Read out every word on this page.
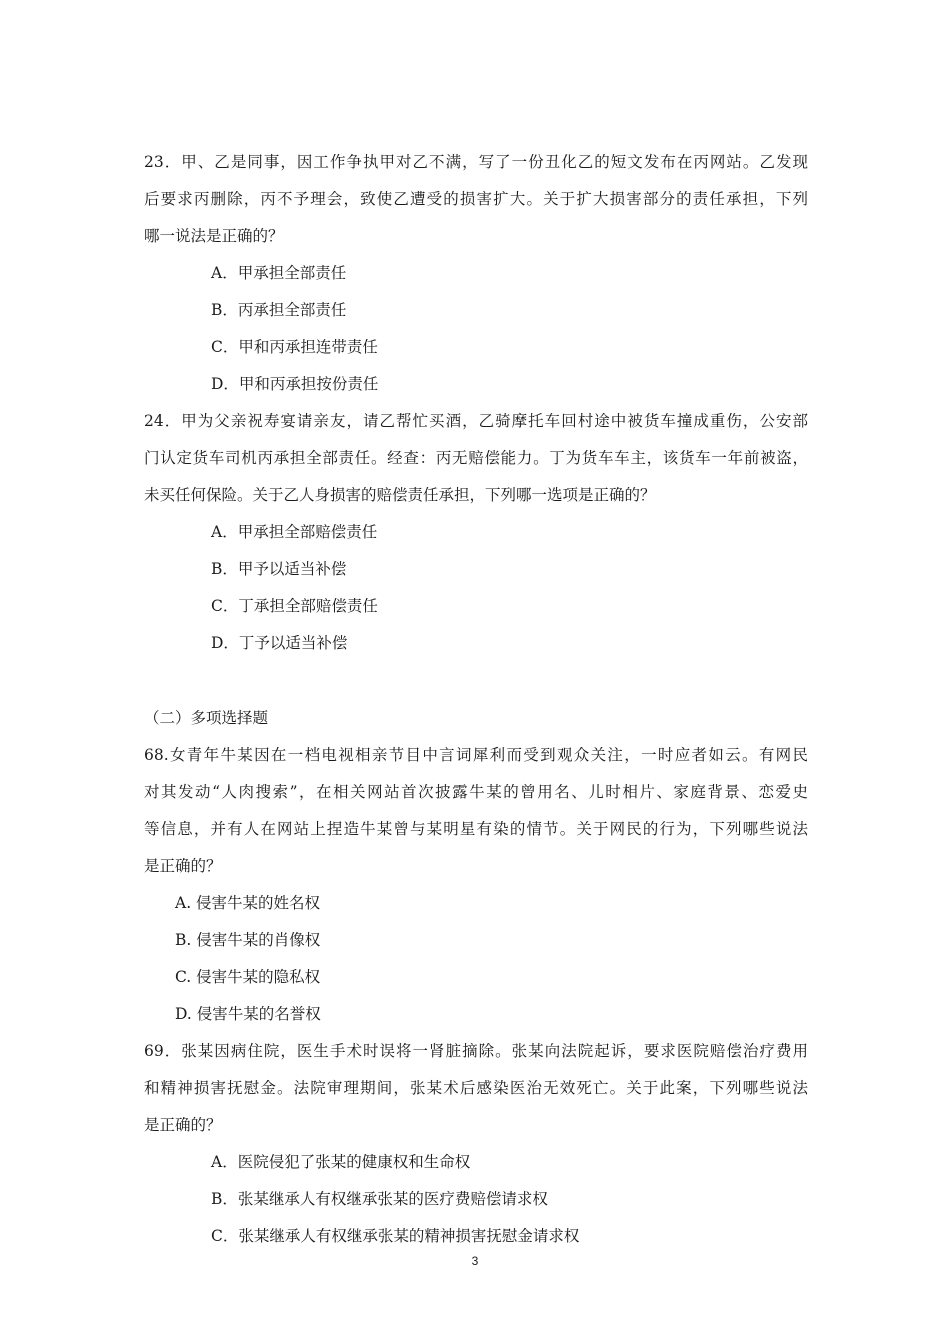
23．甲、乙是同事，因工作争执甲对乙不满，写了一份丑化乙的短文发布在丙网站。乙发现
后要求丙删除，丙不予理会，致使乙遭受的损害扩大。关于扩大损害部分的责任承担，下列
哪一说法是正确的？
A．甲承担全部责任
B．丙承担全部责任
C．甲和丙承担连带责任
D．甲和丙承担按份责任
24．甲为父亲祝寿宴请亲友，请乙帮忙买酒，乙骑摩托车回村途中被货车撞成重伤，公安部
门认定货车司机丙承担全部责任。经查：丙无赔偿能力。丁为货车车主，该货车一年前被盗，
未买任何保险。关于乙人身损害的赔偿责任承担，下列哪一选项是正确的？
A．甲承担全部赔偿责任
B．甲予以适当补偿
C．丁承担全部赔偿责任
D．丁予以适当补偿
（二）多项选择题
68.女青年牛某因在一档电视相亲节目中言词犀利而受到观众关注，一时应者如云。有网民
对其发动“人肉搜索”，在相关网站首次披露牛某的曾用名、儿时相片、家庭背景、恋爱史
等信息，并有人在网站上捏造牛某曾与某明星有染的情节。关于网民的行为，下列哪些说法
是正确的？
A. 侵害牛某的姓名权
B. 侵害牛某的肖像权
C. 侵害牛某的隐私权
D. 侵害牛某的名誉权
69．张某因病住院，医生手术时误将一肾脏摘除。张某向法院起诉，要求医院赔偿治疗费用
和精神损害抚慰金。法院审理期间，张某术后感染医治无效死亡。关于此案，下列哪些说法
是正确的？
A．医院侵犯了张某的健康权和生命权
B．张某继承人有权继承张某的医疗费赔偿请求权
C．张某继承人有权继承张某的精神损害抚慰金请求权
3
